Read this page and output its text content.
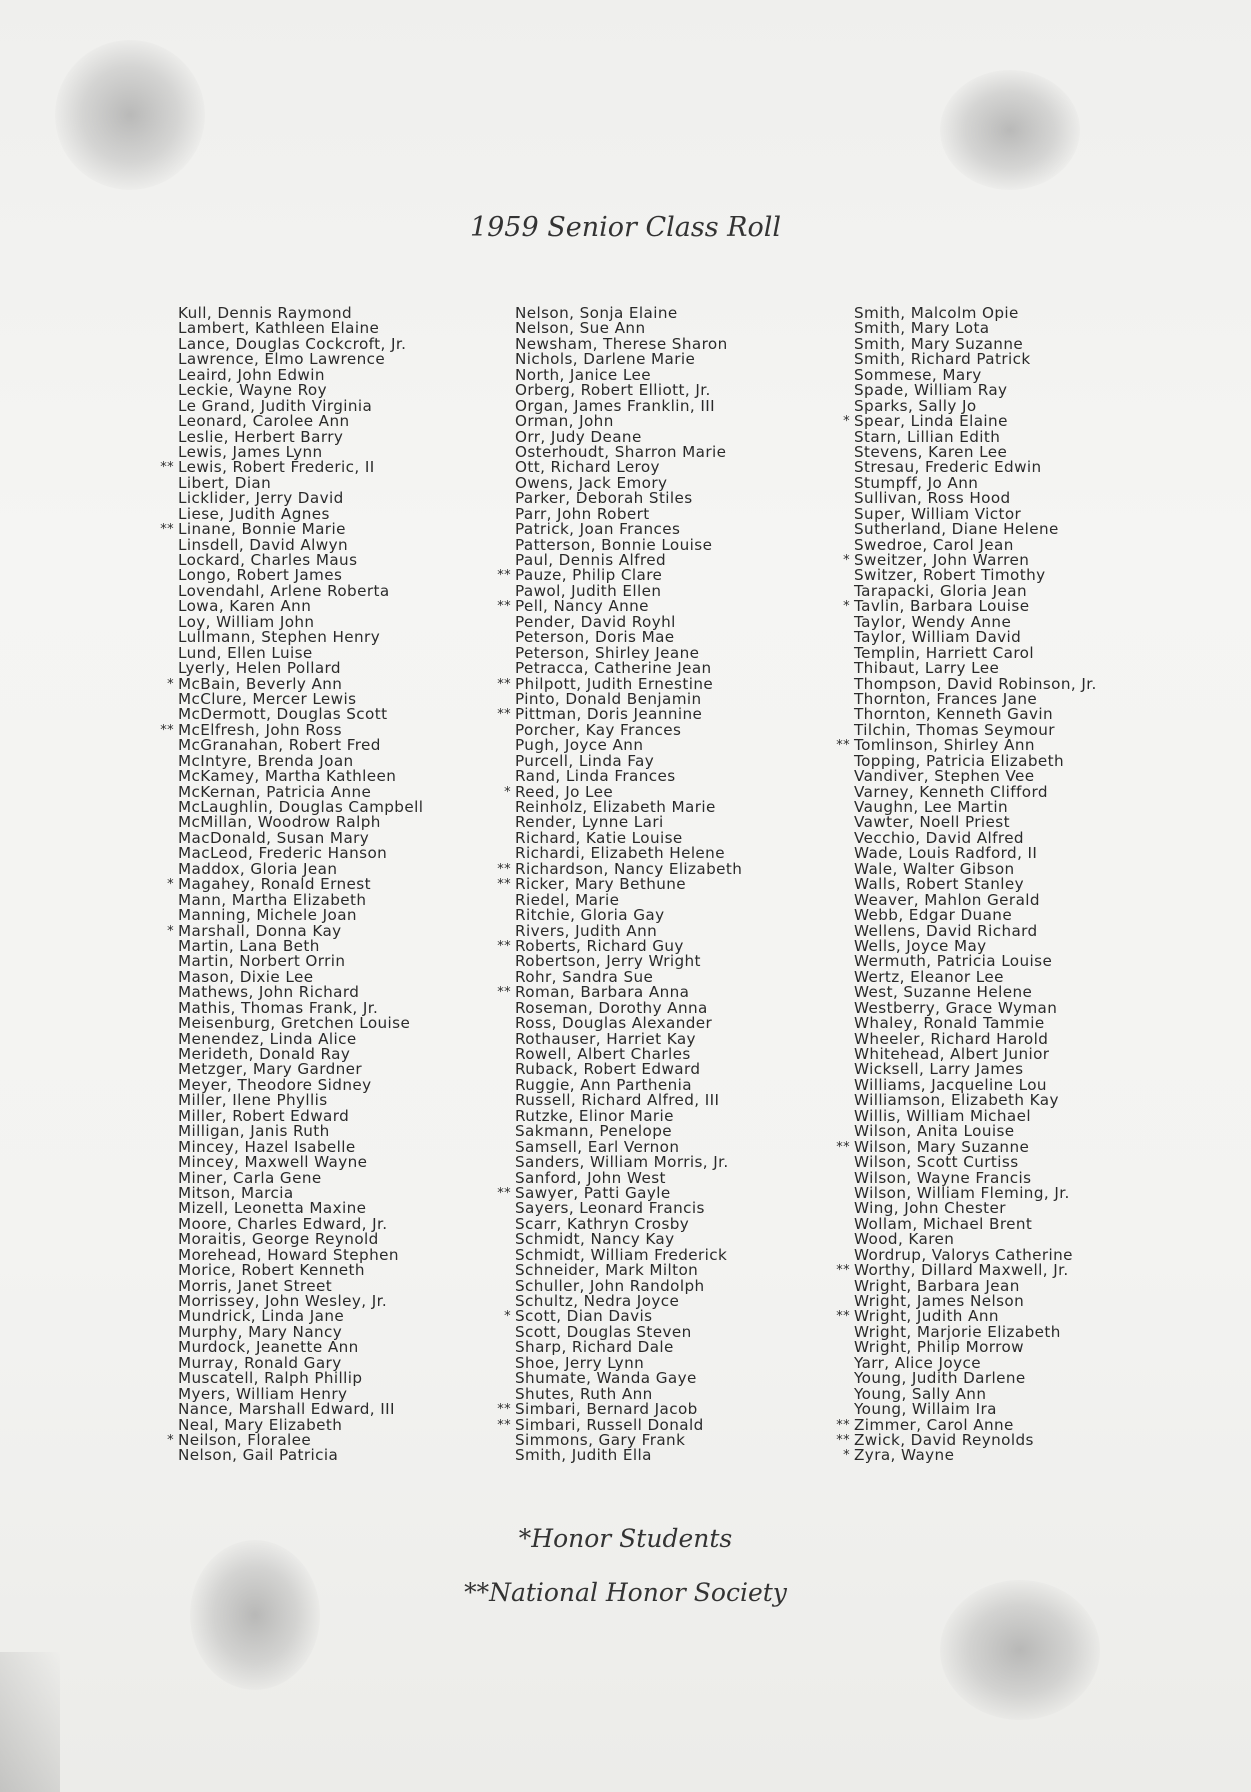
1959 Senior Class Roll
Kull, Dennis Raymond
Lambert, Kathleen Elaine
Lance, Douglas Cockcroft, Jr.
Lawrence, Elmo Lawrence
Leaird, John Edwin
Leckie, Wayne Roy
Le Grand, Judith Virginia
Leonard, Carolee Ann
Leslie, Herbert Barry
Lewis, James Lynn
** Lewis, Robert Frederic, II
Libert, Dian
Licklider, Jerry David
Liese, Judith Agnes
** Linane, Bonnie Marie
Linsdell, David Alwyn
Lockard, Charles Maus
Longo, Robert James
Lovendahl, Arlene Roberta
Lowa, Karen Ann
Loy, William John
Lullmann, Stephen Henry
Lund, Ellen Luise
Lyerly, Helen Pollard
* McBain, Beverly Ann
McClure, Mercer Lewis
McDermott, Douglas Scott
** McElfresh, John Ross
McGranahan, Robert Fred
McIntyre, Brenda Joan
McKamey, Martha Kathleen
McKernan, Patricia Anne
McLaughlin, Douglas Campbell
McMillan, Woodrow Ralph
MacDonald, Susan Mary
MacLeod, Frederic Hanson
Maddox, Gloria Jean
* Magahey, Ronald Ernest
Mann, Martha Elizabeth
Manning, Michele Joan
* Marshall, Donna Kay
Martin, Lana Beth
Martin, Norbert Orrin
Mason, Dixie Lee
Mathews, John Richard
Mathis, Thomas Frank, Jr.
Meisenburg, Gretchen Louise
Menendez, Linda Alice
Merideth, Donald Ray
Metzger, Mary Gardner
Meyer, Theodore Sidney
Miller, Ilene Phyllis
Miller, Robert Edward
Milligan, Janis Ruth
Mincey, Hazel Isabelle
Mincey, Maxwell Wayne
Miner, Carla Gene
Mitson, Marcia
Mizell, Leonetta Maxine
Moore, Charles Edward, Jr.
Moraitis, George Reynold
Morehead, Howard Stephen
Morice, Robert Kenneth
Morris, Janet Street
Morrissey, John Wesley, Jr.
Mundrick, Linda Jane
Murphy, Mary Nancy
Murdock, Jeanette Ann
Murray, Ronald Gary
Muscatell, Ralph Phillip
Myers, William Henry
Nance, Marshall Edward, III
Neal, Mary Elizabeth
* Neilson, Floralee
Nelson, Gail Patricia
Nelson, Sonja Elaine
Nelson, Sue Ann
Newsham, Therese Sharon
Nichols, Darlene Marie
North, Janice Lee
Orberg, Robert Elliott, Jr.
Organ, James Franklin, III
Orman, John
Orr, Judy Deane
Osterhoudt, Sharron Marie
Ott, Richard Leroy
Owens, Jack Emory
Parker, Deborah Stiles
Parr, John Robert
Patrick, Joan Frances
Patterson, Bonnie Louise
Paul, Dennis Alfred
** Pauze, Philip Clare
Pawol, Judith Ellen
** Pell, Nancy Anne
Pender, David Royhl
Peterson, Doris Mae
Peterson, Shirley Jeane
Petracca, Catherine Jean
** Philpott, Judith Ernestine
Pinto, Donald Benjamin
** Pittman, Doris Jeannine
Porcher, Kay Frances
Pugh, Joyce Ann
Purcell, Linda Fay
Rand, Linda Frances
* Reed, Jo Lee
Reinholz, Elizabeth Marie
Render, Lynne Lari
Richard, Katie Louise
Richardi, Elizabeth Helene
** Richardson, Nancy Elizabeth
** Ricker, Mary Bethune
Riedel, Marie
Ritchie, Gloria Gay
Rivers, Judith Ann
** Roberts, Richard Guy
Robertson, Jerry Wright
Rohr, Sandra Sue
** Roman, Barbara Anna
Roseman, Dorothy Anna
Ross, Douglas Alexander
Rothauser, Harriet Kay
Rowell, Albert Charles
Ruback, Robert Edward
Ruggie, Ann Parthenia
Russell, Richard Alfred, III
Rutzke, Elinor Marie
Sakmann, Penelope
Samsell, Earl Vernon
Sanders, William Morris, Jr.
Sanford, John West
** Sawyer, Patti Gayle
Sayers, Leonard Francis
Scarr, Kathryn Crosby
Schmidt, Nancy Kay
Schmidt, William Frederick
Schneider, Mark Milton
Schuller, John Randolph
Schultz, Nedra Joyce
* Scott, Dian Davis
Scott, Douglas Steven
Sharp, Richard Dale
Shoe, Jerry Lynn
Shumate, Wanda Gaye
Shutes, Ruth Ann
** Simbari, Bernard Jacob
** Simbari, Russell Donald
Simmons, Gary Frank
Smith, Judith Ella
Smith, Malcolm Opie
Smith, Mary Lota
Smith, Mary Suzanne
Smith, Richard Patrick
Sommese, Mary
Spade, William Ray
Sparks, Sally Jo
* Spear, Linda Elaine
Starn, Lillian Edith
Stevens, Karen Lee
Stresau, Frederic Edwin
Stumpff, Jo Ann
Sullivan, Ross Hood
Super, William Victor
Sutherland, Diane Helene
Swedroe, Carol Jean
* Sweitzer, John Warren
Switzer, Robert Timothy
Tarapacki, Gloria Jean
* Tavlin, Barbara Louise
Taylor, Wendy Anne
Taylor, William David
Templin, Harriett Carol
Thibaut, Larry Lee
Thompson, David Robinson, Jr.
Thornton, Frances Jane
Thornton, Kenneth Gavin
Tilchin, Thomas Seymour
** Tomlinson, Shirley Ann
Topping, Patricia Elizabeth
Vandiver, Stephen Vee
Varney, Kenneth Clifford
Vaughn, Lee Martin
Vawter, Noell Priest
Vecchio, David Alfred
Wade, Louis Radford, II
Wale, Walter Gibson
Walls, Robert Stanley
Weaver, Mahlon Gerald
Webb, Edgar Duane
Wellens, David Richard
Wells, Joyce May
Wermuth, Patricia Louise
Wertz, Eleanor Lee
West, Suzanne Helene
Westberry, Grace Wyman
Whaley, Ronald Tammie
Wheeler, Richard Harold
Whitehead, Albert Junior
Wicksell, Larry James
Williams, Jacqueline Lou
Williamson, Elizabeth Kay
Willis, William Michael
Wilson, Anita Louise
** Wilson, Mary Suzanne
Wilson, Scott Curtiss
Wilson, Wayne Francis
Wilson, William Fleming, Jr.
Wing, John Chester
Wollam, Michael Brent
Wood, Karen
Wordrup, Valorys Catherine
** Worthy, Dillard Maxwell, Jr.
Wright, Barbara Jean
Wright, James Nelson
** Wright, Judith Ann
Wright, Marjorie Elizabeth
Wright, Philip Morrow
Yarr, Alice Joyce
Young, Judith Darlene
Young, Sally Ann
Young, Willaim Ira
** Zimmer, Carol Anne
** Zwick, David Reynolds
* Zyra, Wayne
*Honor Students
**National Honor Society
